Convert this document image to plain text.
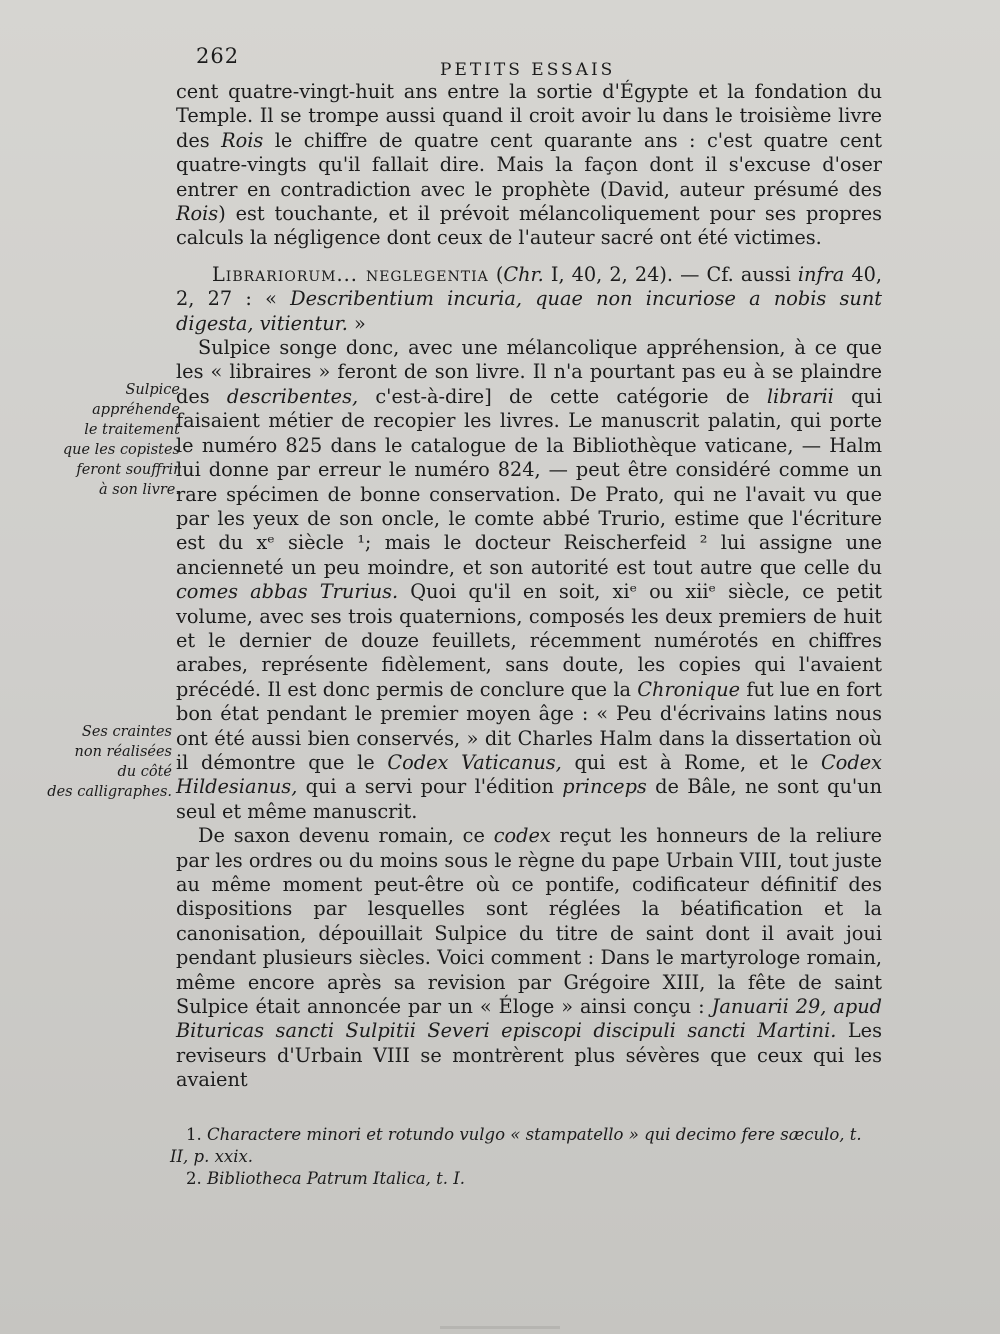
262
PETITS ESSAIS
Sulpice
appréhende
le traitement
que les copistes
feront souffrir
à son livre.
Ses craintes
non réalisées
du côté
des calligraphes.

cent quatre-vingt-huit ans entre la sortie d'Égypte et la fondation du Temple. Il se trompe aussi quand il croit avoir lu dans le troisième livre des Rois le chiffre de quatre cent quarante ans : c'est quatre cent quatre-vingts qu'il fallait dire. Mais la façon dont il s'excuse d'oser entrer en contradiction avec le prophète (David, auteur présumé des Rois) est touchante, et il prévoit mélancoliquement pour ses propres calculs la négligence dont ceux de l'auteur sacré ont été victimes.

Librariorum... neglegentia (Chr. I, 40, 2, 24). — Cf. aussi infra 40, 2, 27 : « Describentium incuria, quae non incuriose a nobis sunt digesta, vitientur. »

Sulpice songe donc, avec une mélancolique appréhension, à ce que les « libraires » feront de son livre. Il n'a pourtant pas eu à se plaindre des describentes, c'est-à-dire] de cette catégorie de librarii qui faisaient métier de recopier les livres. Le manuscrit palatin, qui porte le numéro 825 dans le catalogue de la Bibliothèque vaticane, — Halm lui donne par erreur le numéro 824, — peut être considéré comme un rare spécimen de bonne conservation. De Prato, qui ne l'avait vu que par les yeux de son oncle, le comte abbé Trurio, estime que l'écriture est du xᵉ siècle ¹; mais le docteur Reischerfeid ² lui assigne une ancienneté un peu moindre, et son autorité est tout autre que celle du comes abbas Trurius. Quoi qu'il en soit, xiᵉ ou xiiᵉ siècle, ce petit volume, avec ses trois quaternions, composés les deux premiers de huit et le dernier de douze feuillets, récemment numérotés en chiffres arabes, représente fidèlement, sans doute, les copies qui l'avaient précédé. Il est donc permis de conclure que la Chronique fut lue en fort bon état pendant le premier moyen âge : « Peu d'écrivains latins nous ont été aussi bien conservés, » dit Charles Halm dans la dissertation où il démontre que le Codex Vaticanus, qui est à Rome, et le Codex Hildesianus, qui a servi pour l'édition princeps de Bâle, ne sont qu'un seul et même manuscrit.

De saxon devenu romain, ce codex reçut les honneurs de la reliure par les ordres ou du moins sous le règne du pape Urbain VIII, tout juste au même moment peut-être où ce pontife, codificateur définitif des dispositions par lesquelles sont réglées la béatification et la canonisation, dépouillait Sulpice du titre de saint dont il avait joui pendant plusieurs siècles. Voici comment : Dans le martyrologe romain, même encore après sa revision par Grégoire XIII, la fête de saint Sulpice était annoncée par un « Éloge » ainsi conçu : Januarii 29, apud Bituricas sancti Sulpitii Severi episcopi discipuli sancti Martini. Les reviseurs d'Urbain VIII se montrèrent plus sévères que ceux qui les avaient

1. Charactere minori et rotundo vulgo « stampatello » qui decimo fere sæculo, t. II, p. xxix.

2. Bibliotheca Patrum Italica, t. I.
